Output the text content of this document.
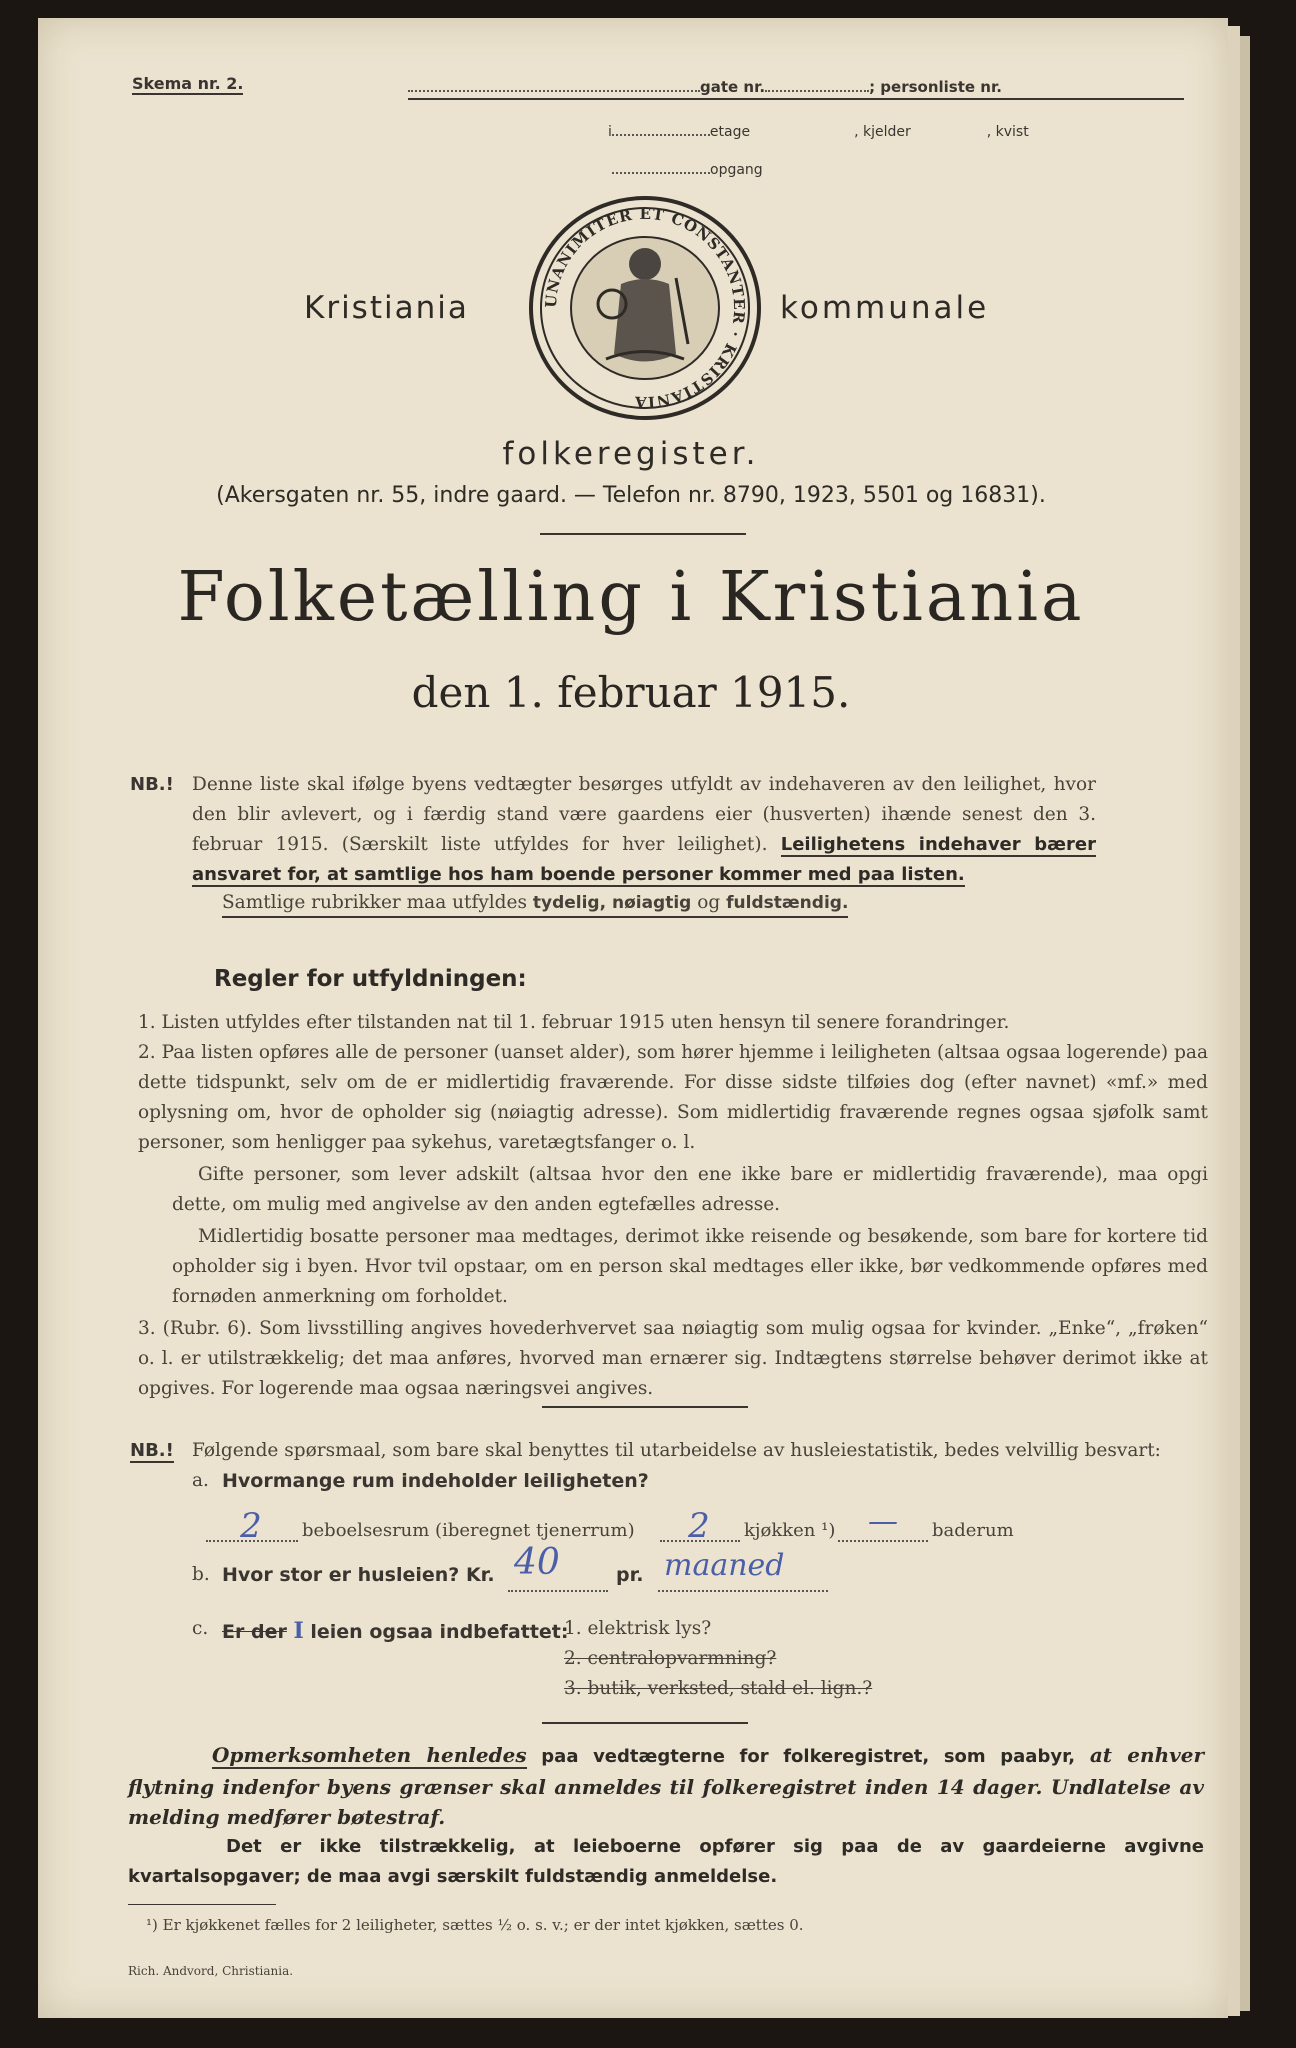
Skema nr. 2.	gate nr.	; personliste nr.
i	etage	, kjelder	, kvist
opgang
UNANIMITER ET CONSTANTER · KRISTIANIA
Kristiania	kommunale
folkeregister.
(Akersgaten nr. 55, indre gaard. — Telefon nr. 8790, 1923, 5501 og 16831).
Folketælling i Kristiania
den 1. februar 1915.
NB.! Denne liste skal ifølge byens vedtægter besørges utfyldt av indehaveren av den leilighet, hvor den blir avlevert, og i færdig stand være gaardens eier (husverten) ihænde senest den 3. februar 1915. (Særskilt liste utfyldes for hver leilighet). Leilighetens indehaver bærer ansvaret for, at samtlige hos ham boende personer kommer med paa listen.
Samtlige rubrikker maa utfyldes tydelig, nøiagtig og fuldstændig.
Regler for utfyldningen:
1. Listen utfyldes efter tilstanden nat til 1. februar 1915 uten hensyn til senere forandringer.
2. Paa listen opføres alle de personer (uanset alder), som hører hjemme i leiligheten (altsaa ogsaa logerende) paa dette tidspunkt, selv om de er midlertidig fraværende. For disse sidste tilføies dog (efter navnet) «mf.» med oplysning om, hvor de opholder sig (nøiagtig adresse). Som midlertidig fraværende regnes ogsaa sjøfolk samt personer, som henligger paa sykehus, varetægtsfanger o. l.
Gifte personer, som lever adskilt (altsaa hvor den ene ikke bare er midlertidig fraværende), maa opgi dette, om mulig med angivelse av den anden egtefælles adresse.
Midlertidig bosatte personer maa medtages, derimot ikke reisende og besøkende, som bare for kortere tid opholder sig i byen. Hvor tvil opstaar, om en person skal medtages eller ikke, bør vedkommende opføres med fornøden anmerkning om forholdet.
3. (Rubr. 6). Som livsstilling angives hovederhvervet saa nøiagtig som mulig ogsaa for kvinder. „Enke“, „frøken“ o. l. er utilstrækkelig; det maa anføres, hvorved man ernærer sig. Indtægtens størrelse behøver derimot ikke at opgives. For logerende maa ogsaa næringsvei angives.
NB.! Følgende spørsmaal, som bare skal benyttes til utarbeidelse av husleiestatistik, bedes velvillig besvart:
a. Hvormange rum indeholder leiligheten?
2	beboelsesrum (iberegnet tjenerrum)	2	kjøkken ¹)	—	baderum
b. Hvor stor er husleien? Kr. 40	pr. maaned
c. Er der I leien ogsaa indbefattet:
1. elektrisk lys?
2. centralopvarmning?
3. butik, verksted, stald el. lign.?
Opmerksomheten henledes paa vedtægterne for folkeregistret, som paabyr, at enhver flytning indenfor byens grænser skal anmeldes til folkeregistret inden 14 dager. Undlatelse av melding medfører bøtestraf.
Det er ikke tilstrækkelig, at leieboerne opfører sig paa de av gaardeierne avgivne kvartalsopgaver; de maa avgi særskilt fuldstændig anmeldelse.
¹) Er kjøkkenet fælles for 2 leiligheter, sættes ½ o. s. v.; er der intet kjøkken, sættes 0.
Rich. Andvord, Christiania.
